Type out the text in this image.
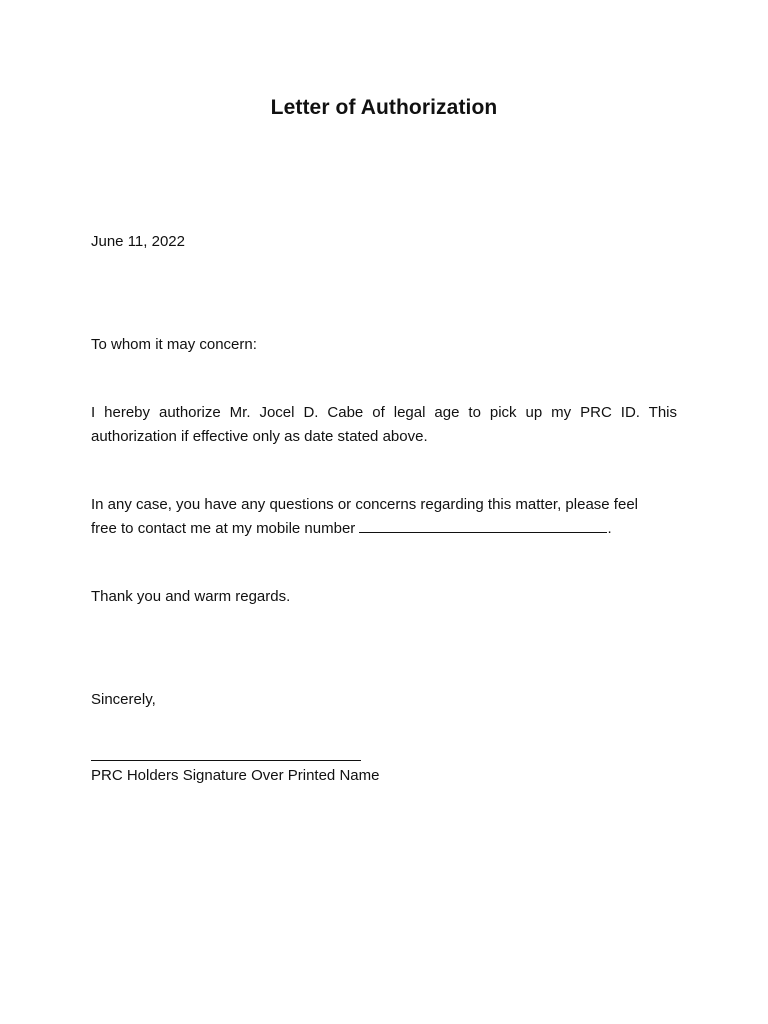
Letter of Authorization
June 11, 2022
To whom it may concern:
I hereby authorize Mr. Jocel D. Cabe of legal age to pick up my PRC ID. This
authorization if effective only as date stated above.
In any case, you have any questions or concerns regarding this matter, please feel
free to contact me at my mobile number	.
Thank you and warm regards.
Sincerely,
PRC Holders Signature Over Printed Name
